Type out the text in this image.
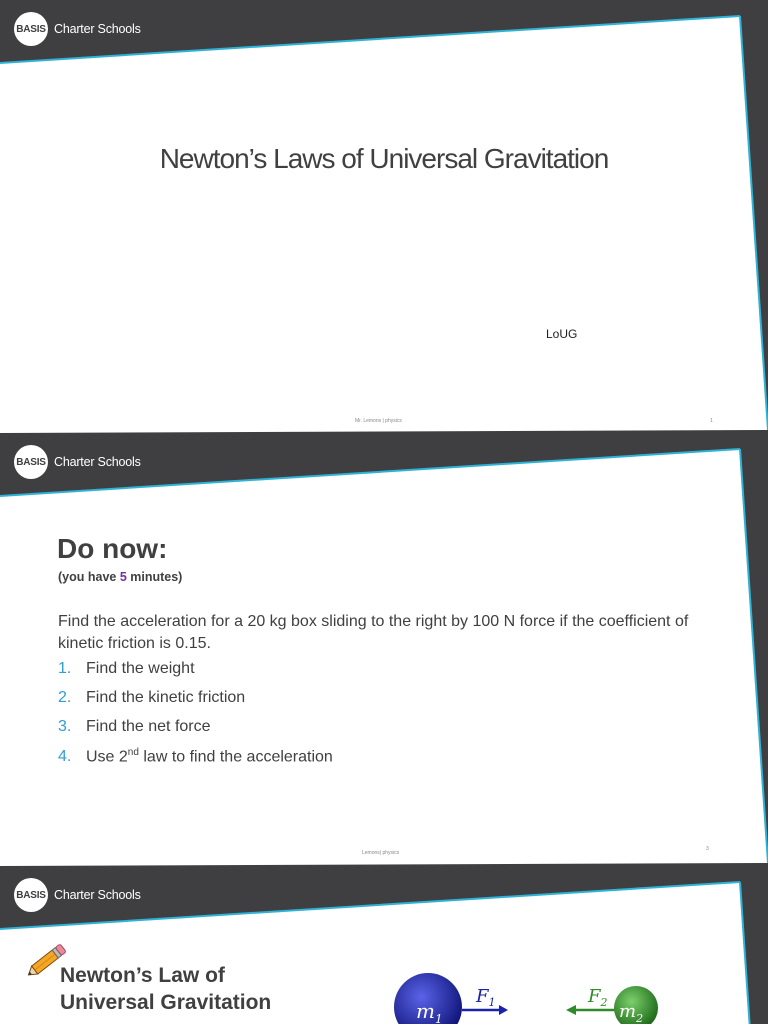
BASIS Charter Schools
Newton’s Laws of Universal Gravitation
LoUG
Mr. Lemons | physics	1
BASIS Charter Schools
Do now:
(you have 5 minutes)
Find the acceleration for a 20 kg box sliding to the right by 100 N force if the coefficient of kinetic friction is 0.15.
1. Find the weight
2. Find the kinetic friction
3. Find the net force
4. Use 2nd law to find the acceleration
Lemons| physics
3
BASIS Charter Schools
Newton’s Law of
Universal Gravitation	$m_1$
$F_1$	$F_2$ $m_2$
